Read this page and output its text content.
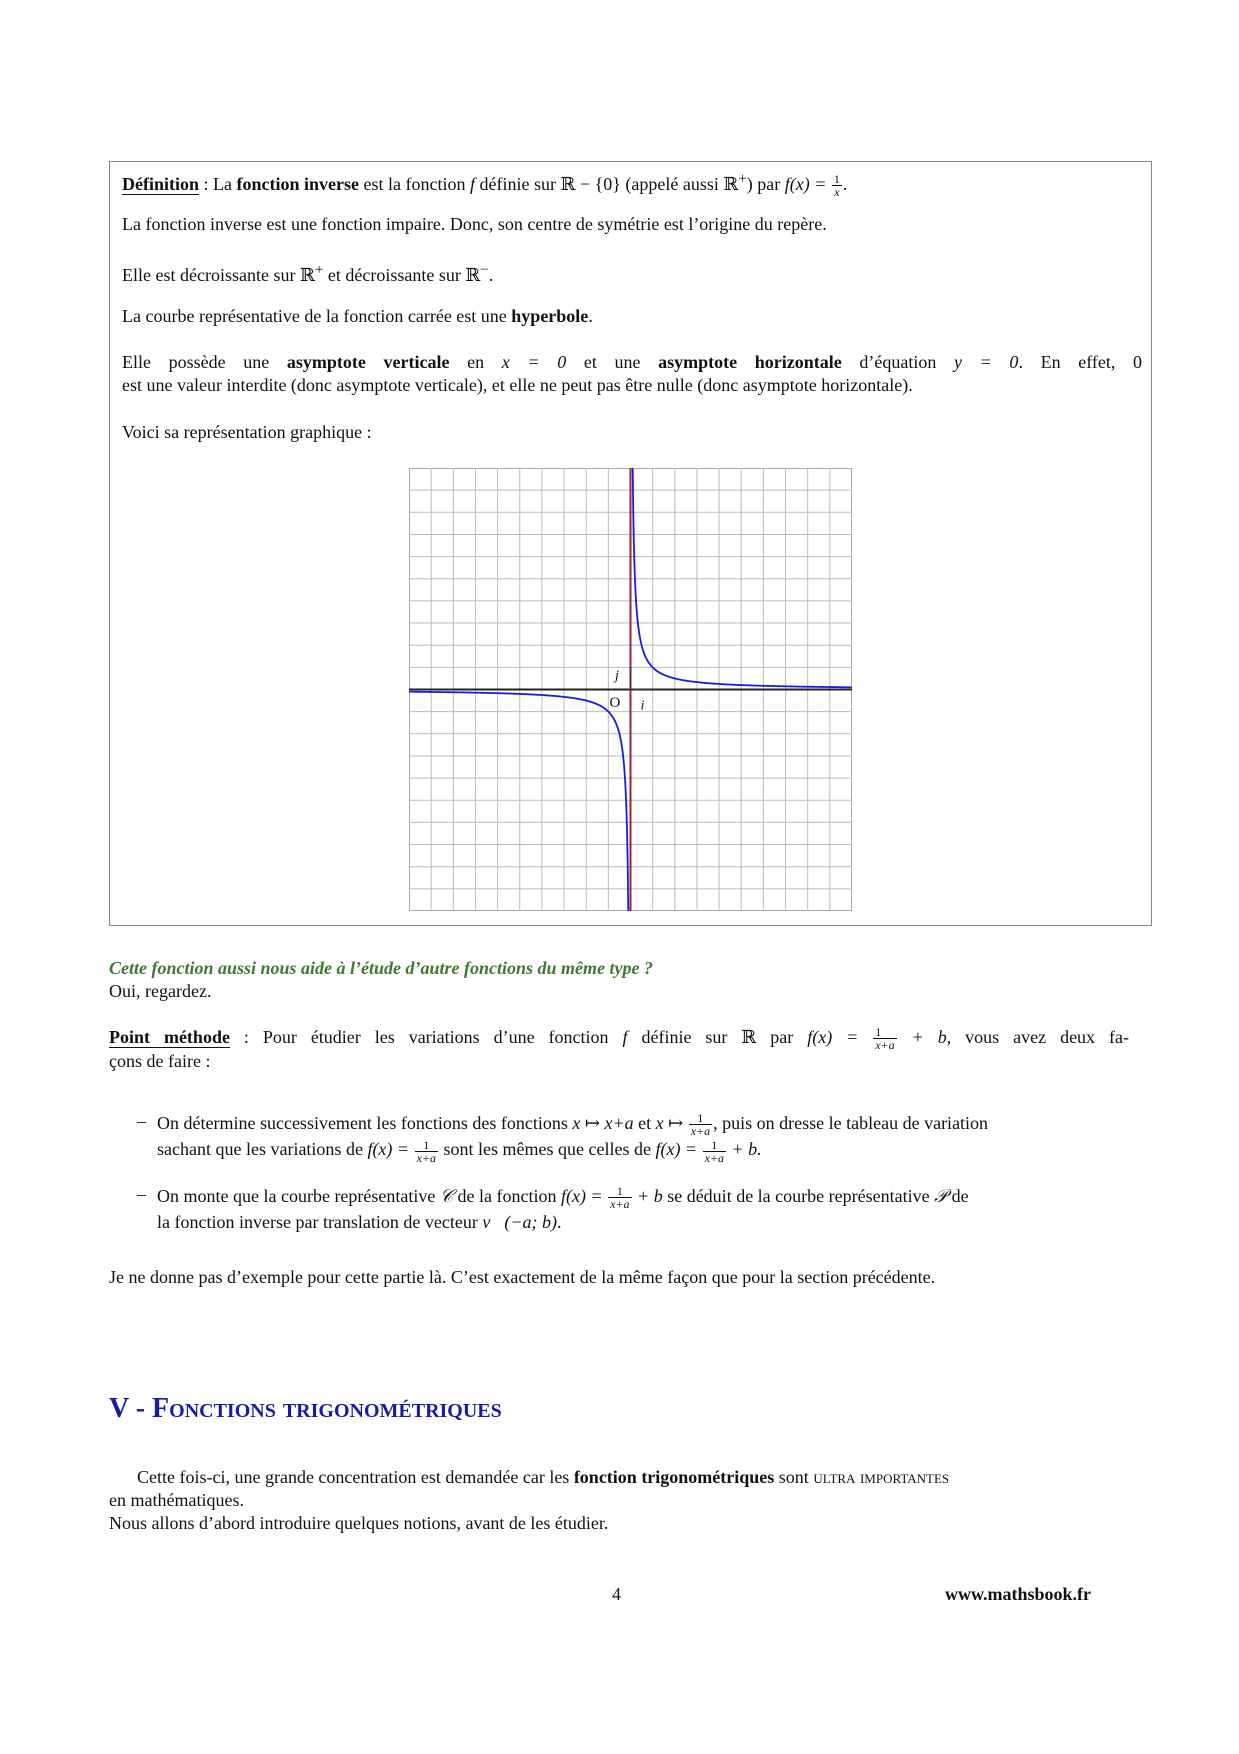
Définition : La fonction inverse est la fonction f définie sur ℝ − {0} (appelé aussi ℝ+) par $f(x) = \frac{1}{x}$ .
La fonction inverse est une fonction impaire. Donc, son centre de symétrie est l’origine du repère.
Elle est décroissante sur ℝ+ et décroissante sur ℝ−.
La courbe représentative de la fonction carrée est une hyperbole.
Elle possède une asymptote verticale en x = 0 et une asymptote horizontale d’équation y = 0. En effet, 0
est une valeur interdite (donc asymptote verticale), et elle ne peut pas être nulle (donc asymptote horizontale).
Voici sa représentation graphique :
O i
j
Cette fonction aussi nous aide à l’étude d’autre fonctions du même type ?
Oui, regardez.
Point méthode : Pour étudier les variations d’une fonction f définie sur ℝ par $f(x) = \frac{1}{x+a} + b$, vous avez deux fa-
çons de faire :
– On détermine successivement les fonctions des fonctions x ↦ x+a et x ↦ $\frac{1}{x+a}$ , puis on dresse le tableau de variation
sachant que les variations de $f(x) = \frac{1}{x+a}$ sont les mêmes que celles de $f(x) = \frac{1}{x+a} + b$.
– On monte que la courbe représentative 𝒞 de la fonction $f(x) = \frac{1}{x+a} + b$ se déduit de la courbe représentative 𝒫 de
la fonction inverse par translation de vecteur v⃗(−a; b).
Je ne donne pas d’exemple pour cette partie là. C’est exactement de la même façon que pour la section précédente.
V - Fonctions trigonométriques
Cette fois-ci, une grande concentration est demandée car les fonction trigonométriques sont ultra importantes
en mathématiques.
Nous allons d’abord introduire quelques notions, avant de les étudier.
4	www.mathsbook.fr
